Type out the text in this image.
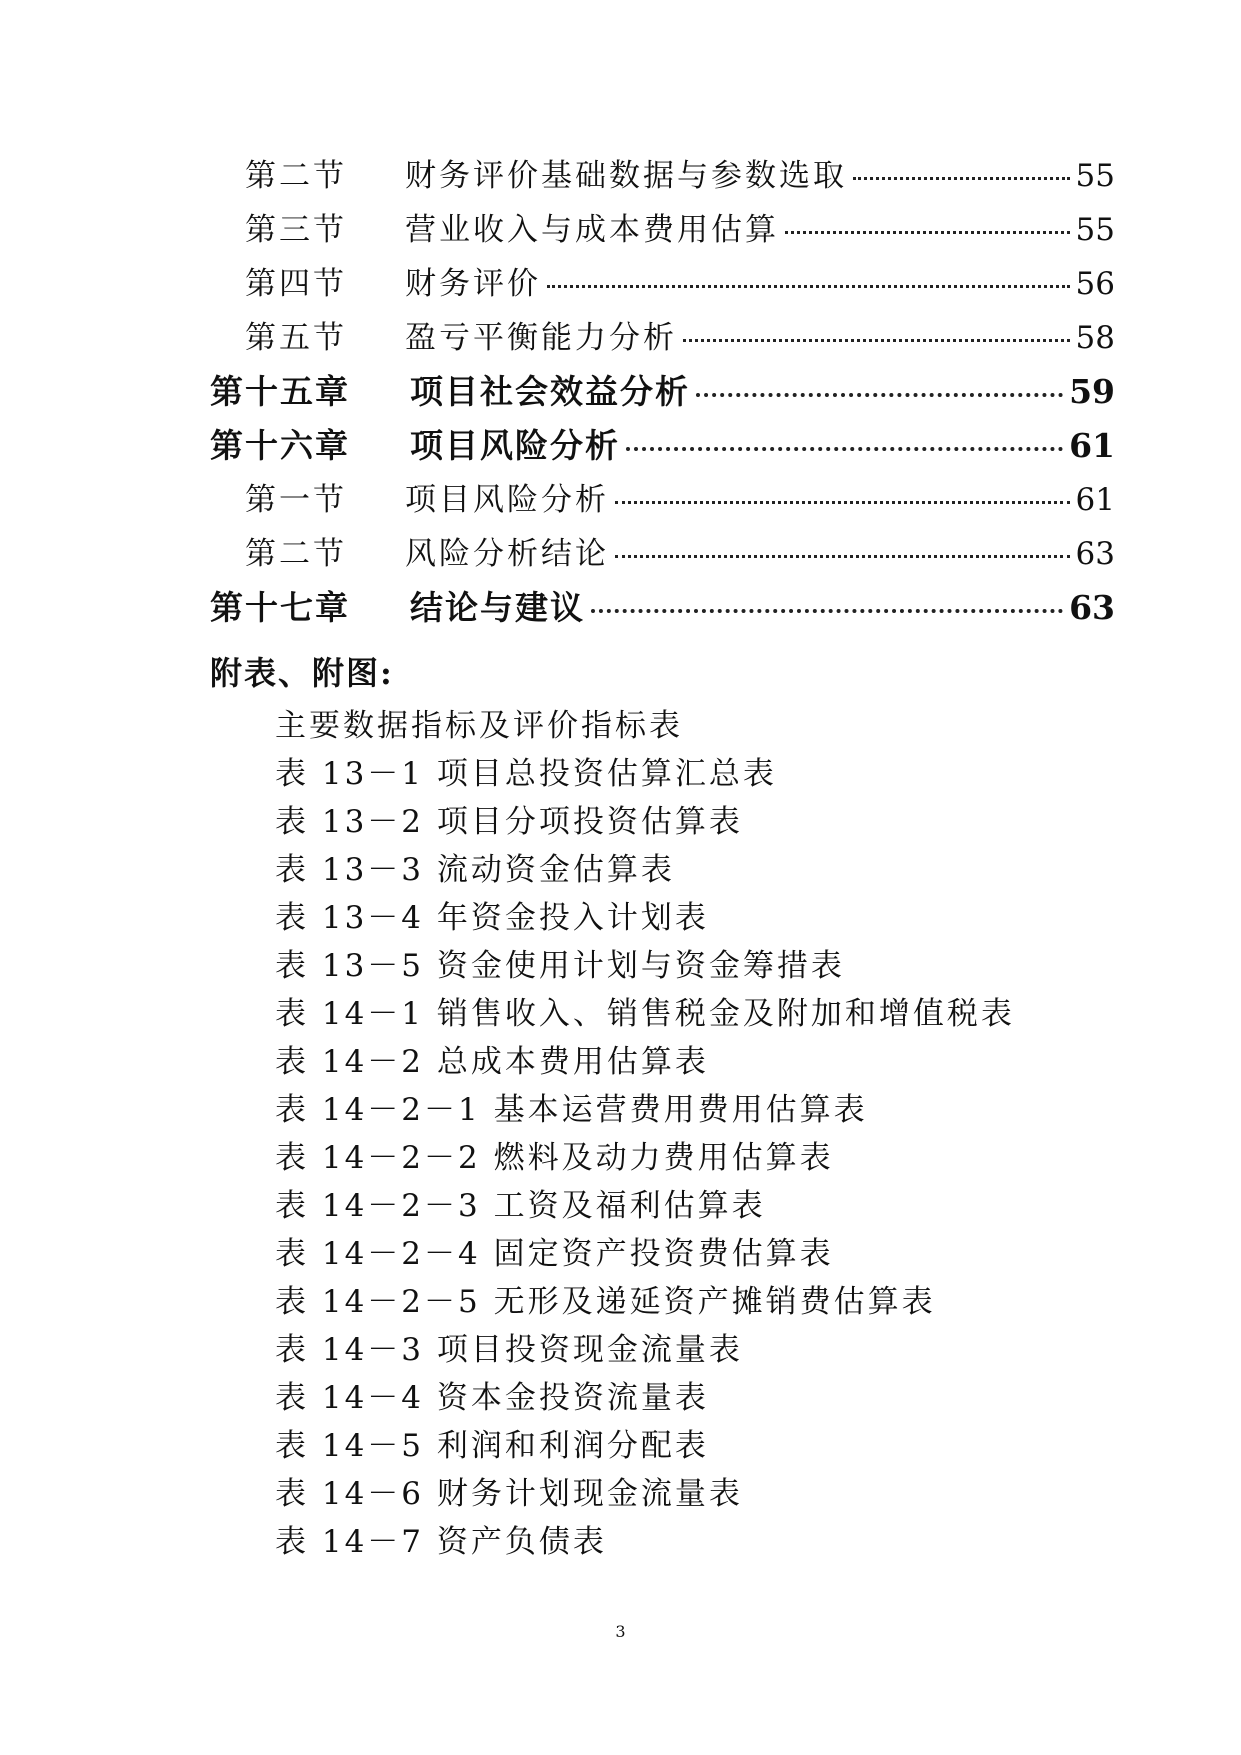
第二节	财务评价基础数据与参数选取	55
第三节	营业收入与成本费用估算	55
第四节	财务评价	56
第五节	盈亏平衡能力分析	58
第十五章	项目社会效益分析	59
第十六章	项目风险分析	61
第一节	项目风险分析	61
第二节	风险分析结论	63
第十七章	结论与建议	63
附表、附图:
主要数据指标及评价指标表
表 13－1 项目总投资估算汇总表
表 13－2 项目分项投资估算表
表 13－3 流动资金估算表
表 13－4 年资金投入计划表
表 13－5 资金使用计划与资金筹措表
表 14－1 销售收入、销售税金及附加和增值税表
表 14－2 总成本费用估算表
表 14－2－1 基本运营费用费用估算表
表 14－2－2 燃料及动力费用估算表
表 14－2－3 工资及福利估算表
表 14－2－4 固定资产投资费估算表
表 14－2－5 无形及递延资产摊销费估算表
表 14－3 项目投资现金流量表
表 14－4 资本金投资流量表
表 14－5 利润和利润分配表
表 14－6 财务计划现金流量表
表 14－7 资产负债表
3
